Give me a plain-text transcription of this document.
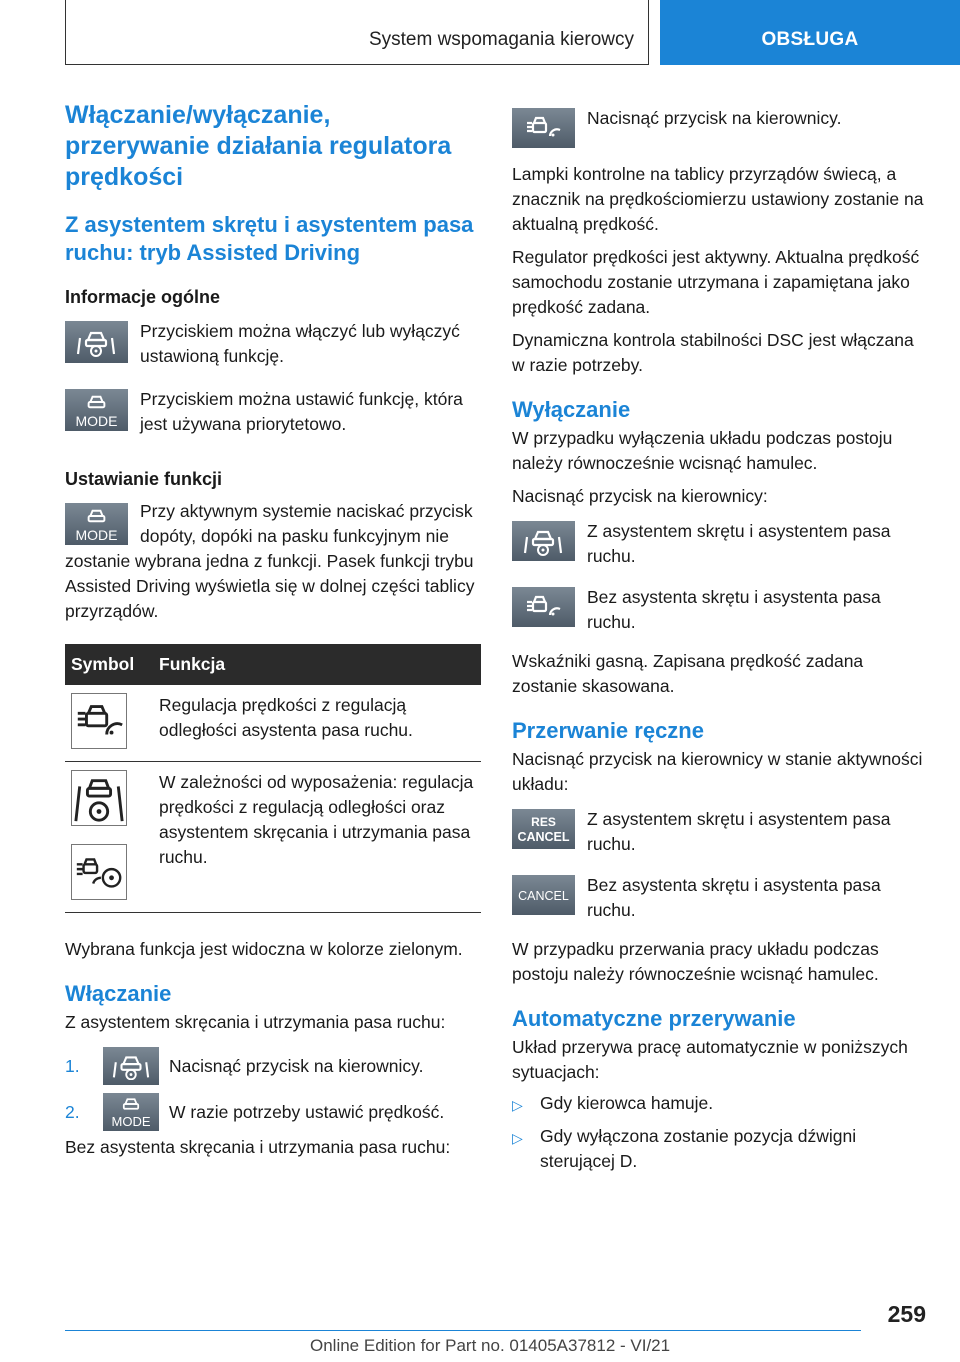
System wspomagania kierowcy	OBSŁUGA
Włączanie/wyłączanie, przerywanie działania regulatora prędkości
Z asystentem skrętu i asystentem pasa ruchu: tryb Assisted Driving
Informacje ogólne
Przyciskiem można włączyć lub wyłączyć ustawioną funkcję.
MODE
Przyciskiem można ustawić funkcję, która jest używana priorytetowo.
Ustawianie funkcji
MODE

Przy aktywnym systemie naciskać przycisk dopóty, dopóki na pasku funkcyjnym nie zostanie wybrana jedna z funkcji. Pasek funkcji trybu Assisted Driving wyświetla się w dolnej części tablicy przyrządów.

Symbol	Funkcja

	Regulacja prędkości z regulacją odległości asystenta pasa ruchu.

	W zależności od wyposażenia: regulacja prędkości z regulacją odległości oraz asystentem skręcania i utrzymania pasa ruchu.

Wybrana funkcja jest widoczna w kolorze zielonym.

Włączanie

Z asystentem skręcania i utrzymania pasa ruchu:

1.	Nacisnąć przycisk na kierownicy.
2.	MODE W razie potrzeby ustawić prędkość.

Bez asystenta skręcania i utrzymania pasa ruchu:

Nacisnąć przycisk na kierownicy.

Lampki kontrolne na tablicy przyrządów świecą, a znacznik na prędkościomierzu ustawiony zostanie na aktualną prędkość.

Regulator prędkości jest aktywny. Aktualna prędkość samochodu zostanie utrzymana i zapamiętana jako prędkość zadana.

Dynamiczna kontrola stabilności DSC jest włączana w razie potrzeby.

Wyłączanie

W przypadku wyłączenia układu podczas postoju należy równocześnie wcisnąć hamulec.

Nacisnąć przycisk na kierownicy:

Z asystentem skrętu i asystentem pasa ruchu.
Bez asystenta skrętu i asystenta pasa ruchu.

Wskaźniki gasną. Zapisana prędkość zadana zostanie skasowana.

Przerwanie ręczne

Nacisnąć przycisk na kierownicy w stanie aktywności układu:

RES
CANCEL
Z asystentem skrętu i asystentem pasa ruchu.
CANCEL
Bez asystenta skrętu i asystenta pasa ruchu.

W przypadku przerwania pracy układu podczas postoju należy równocześnie wcisnąć hamulec.

Automatyczne przerywanie

Układ przerywa pracę automatycznie w poniższych sytuacjach:

▷ Gdy kierowca hamuje.
▷ Gdy wyłączona zostanie pozycja dźwigni sterującej D.
259
Online Edition for Part no. 01405A37812 - VI/21
